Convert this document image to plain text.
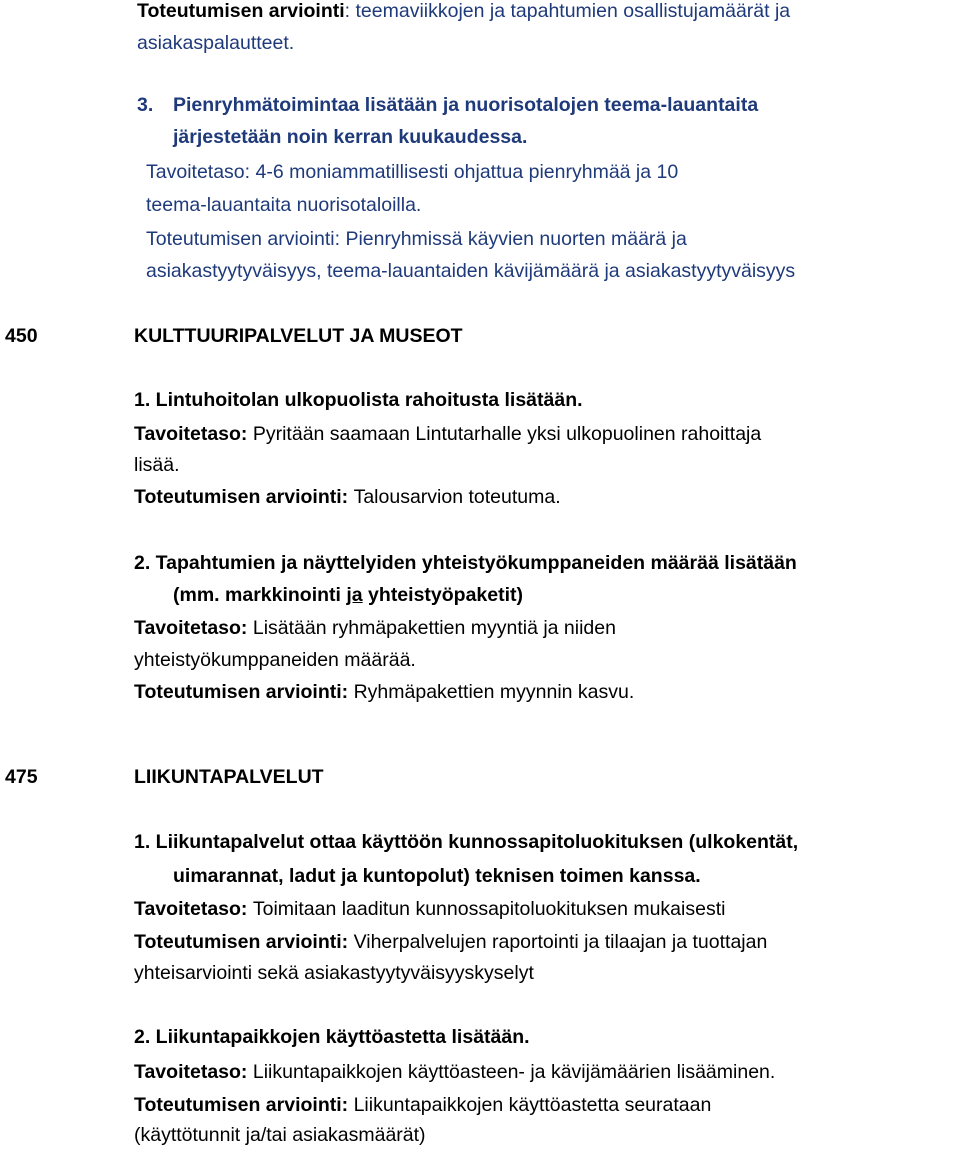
Toteutumisen arviointi: teemaviikkojen ja tapahtumien osallistujamäärät ja
asiakaspalautteet.
3. Pienryhmätoimintaa lisätään ja nuorisotalojen teema-lauantaita
järjestetään noin kerran kuukaudessa.
Tavoitetaso: 4-6 moniammatillisesti ohjattua pienryhmää ja 10
teema-lauantaita nuorisotaloilla.
Toteutumisen arviointi: Pienryhmissä käyvien nuorten määrä ja
asiakastyytyväisyys, teema-lauantaiden kävijämäärä ja asiakastyytyväisyys
450	KULTTUURIPALVELUT JA MUSEOT
1. Lintuhoitolan ulkopuolista rahoitusta lisätään.
Tavoitetaso: Pyritään saamaan Lintutarhalle yksi ulkopuolinen rahoittaja
lisää.
Toteutumisen arviointi: Talousarvion toteutuma.
2. Tapahtumien ja näyttelyiden yhteistyökumppaneiden määrää lisätään
(mm. markkinointi ja yhteistyöpaketit)
Tavoitetaso: Lisätään ryhmäpakettien myyntiä ja niiden
yhteistyökumppaneiden määrää.
Toteutumisen arviointi: Ryhmäpakettien myynnin kasvu.
475	LIIKUNTAPALVELUT
1. Liikuntapalvelut ottaa käyttöön kunnossapitoluokituksen (ulkokentät,
uimarannat, ladut ja kuntopolut) teknisen toimen kanssa.
Tavoitetaso: Toimitaan laaditun kunnossapitoluokituksen mukaisesti
Toteutumisen arviointi: Viherpalvelujen raportointi ja tilaajan ja tuottajan
yhteisarviointi sekä asiakastyytyväisyyskyselyt
2. Liikuntapaikkojen käyttöastetta lisätään.
Tavoitetaso: Liikuntapaikkojen käyttöasteen- ja kävijämäärien lisääminen.
Toteutumisen arviointi: Liikuntapaikkojen käyttöastetta seurataan
(käyttötunnit ja/tai asiakasmäärät)
